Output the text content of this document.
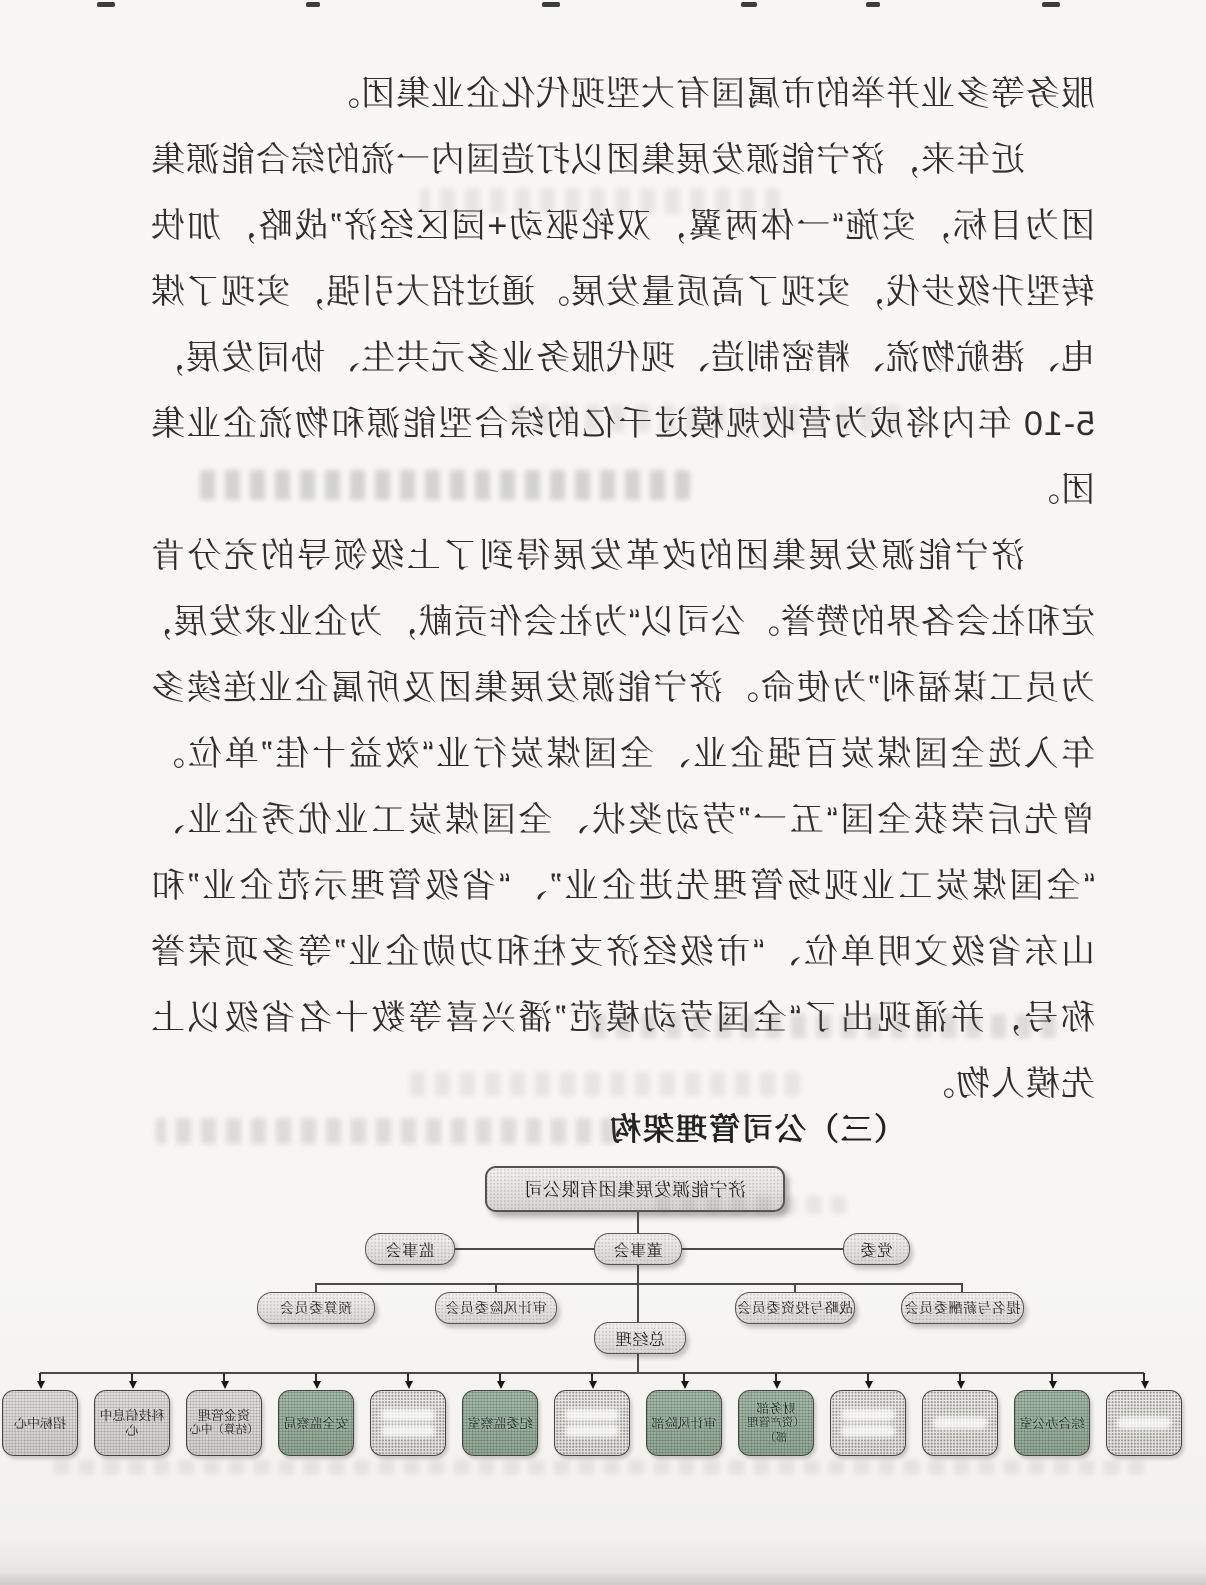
服务等多业并举的市属国有大型现代化企业集团。
近年来，济宁能源发展集团以打造国内一流的综合能源集
团为目标，实施“一体两翼，双轮驱动+园区经济”战略，加快
转型升级步伐，实现了高质量发展。通过招大引强，实现了煤
电、港航物流、精密制造、现代服务业多元共生、协同发展，
5-10 年内将成为营收规模过千亿的综合型能源和物流企业集
团。
济宁能源发展集团的改革发展得到了上级领导的充分肯
定和社会各界的赞誉。公司以“为社会作贡献，为企业求发展，
为员工谋福利”为使命。济宁能源发展集团及所属企业连续多
年入选全国煤炭百强企业、全国煤炭行业“效益十佳”单位。
曾先后荣获全国“五一”劳动奖状、全国煤炭工业优秀企业、
“全国煤炭工业现场管理先进企业”、“省级管理示范企业”和
山东省级文明单位、“市级经济支柱和功勋企业”等多项荣誉
称号，并涌现出了“全国劳动模范”潘兴喜等数十名省级以上
先模人物。
（三）公司管理架构
济宁能源发展集团有限公司
党委
董事会
监事会
提名与薪酬委员会
战略与投资委员会
审计风险委员会
预算委员会
总经理
综合办公室
财务部
（资产管理部）
审计风险部
纪委监察室
安全监察局
资金管理
（结算）中心
科技信息中心
招标中心
